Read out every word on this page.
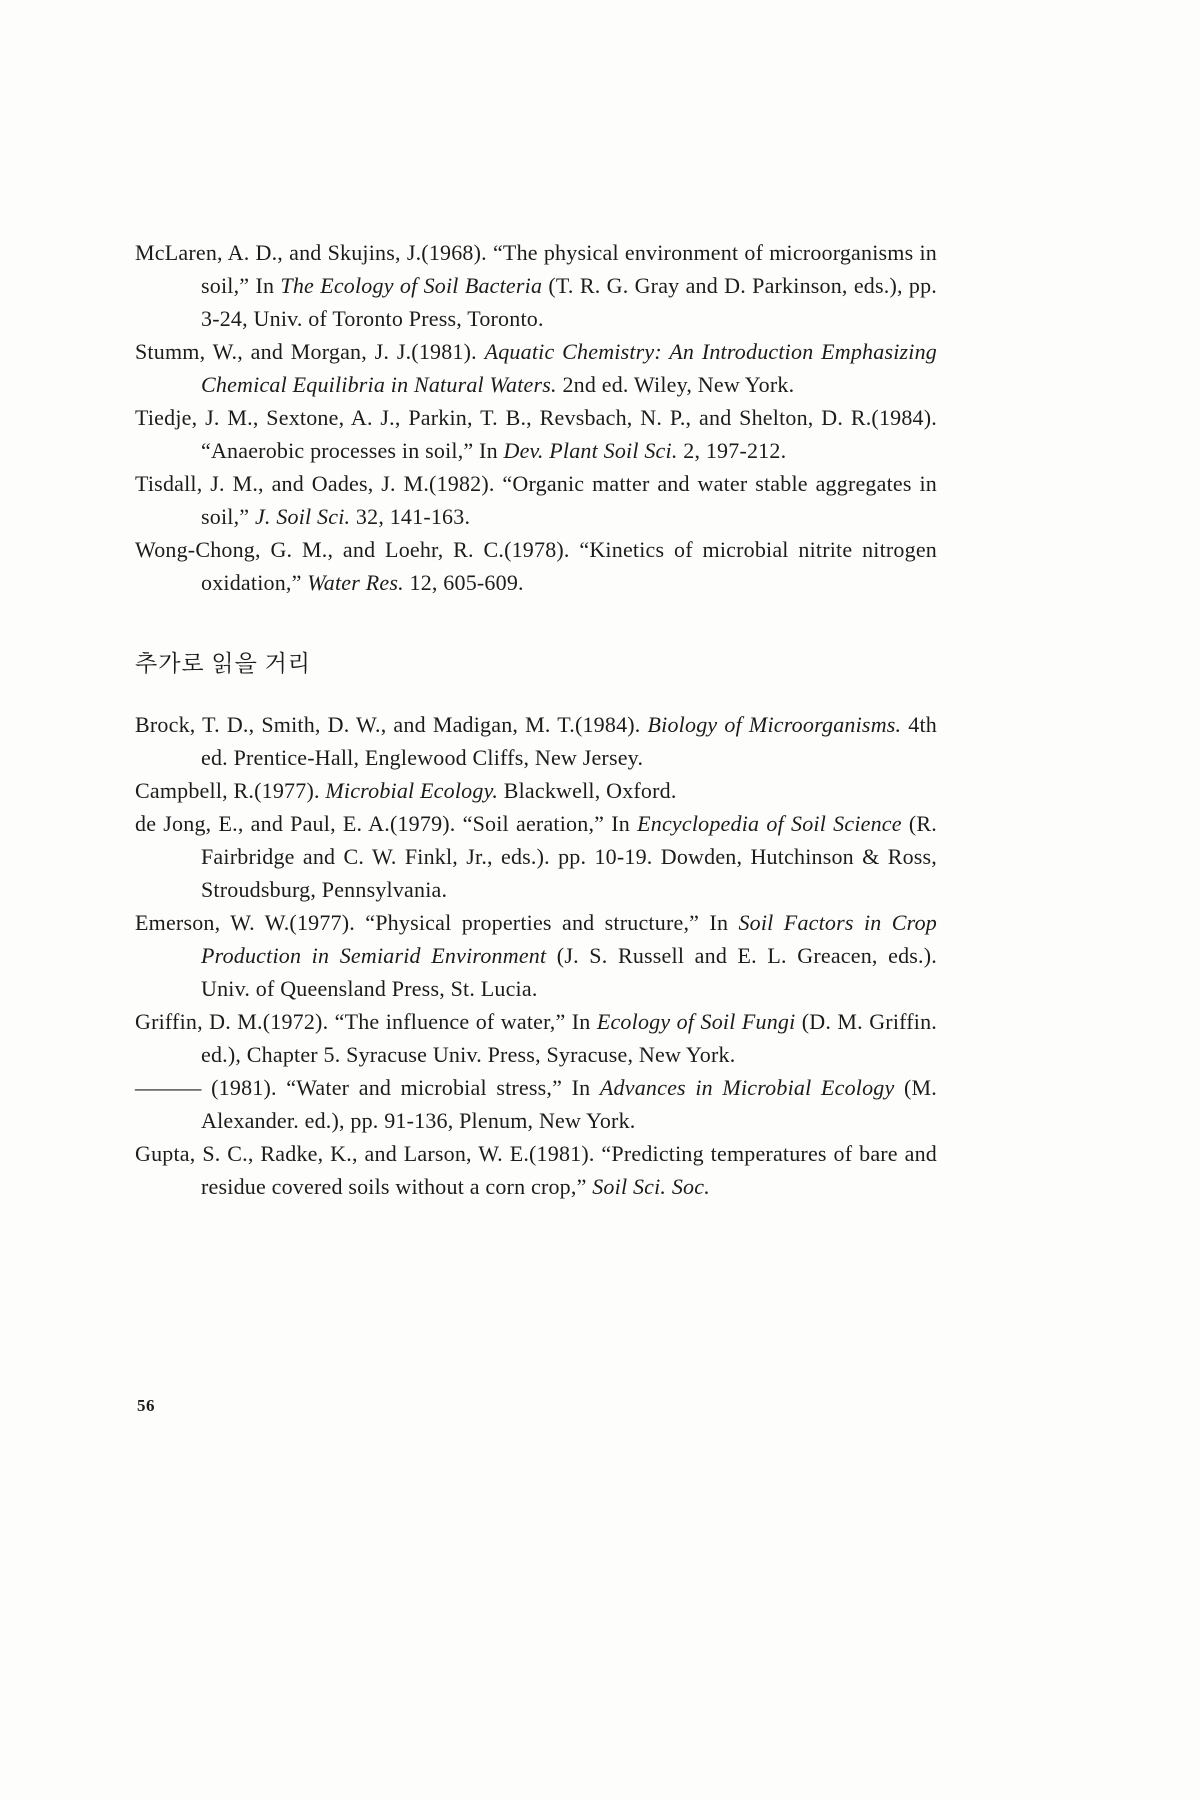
McLaren, A. D., and Skujins, J.(1968). “The physical environment of microorganisms in soil,” In The Ecology of Soil Bacteria (T. R. G. Gray and D. Parkinson, eds.), pp. 3-24, Univ. of Toronto Press, Toronto.

Stumm, W., and Morgan, J. J.(1981). Aquatic Chemistry: An Introduction Emphasizing Chemical Equilibria in Natural Waters. 2nd ed. Wiley, New York.

Tiedje, J. M., Sextone, A. J., Parkin, T. B., Revsbach, N. P., and Shelton, D. R.(1984). “Anaerobic processes in soil,” In Dev. Plant Soil Sci. 2, 197-212.

Tisdall, J. M., and Oades, J. M.(1982). “Organic matter and water stable aggregates in soil,” J. Soil Sci. 32, 141-163.

Wong-Chong, G. M., and Loehr, R. C.(1978). “Kinetics of microbial nitrite nitrogen oxidation,” Water Res. 12, 605-609.

추가로 읽을 거리

Brock, T. D., Smith, D. W., and Madigan, M. T.(1984). Biology of Microorganisms. 4th ed. Prentice-Hall, Englewood Cliffs, New Jersey.

Campbell, R.(1977). Microbial Ecology. Blackwell, Oxford.

de Jong, E., and Paul, E. A.(1979). “Soil aeration,” In Encyclopedia of Soil Science (R. Fairbridge and C. W. Finkl, Jr., eds.). pp. 10-19. Dowden, Hutchinson & Ross, Stroudsburg, Pennsylvania.

Emerson, W. W.(1977). “Physical properties and structure,” In Soil Factors in Crop Production in Semiarid Environment (J. S. Russell and E. L. Greacen, eds.). Univ. of Queensland Press, St. Lucia.

Griffin, D. M.(1972). “The influence of water,” In Ecology of Soil Fungi (D. M. Griffin. ed.), Chapter 5. Syracuse Univ. Press, Syracuse, New York.

——— (1981). “Water and microbial stress,” In Advances in Microbial Ecology (M. Alexander. ed.), pp. 91-136, Plenum, New York.

Gupta, S. C., Radke, K., and Larson, W. E.(1981). “Predicting temperatures of bare and residue covered soils without a corn crop,” Soil Sci. Soc.

56
